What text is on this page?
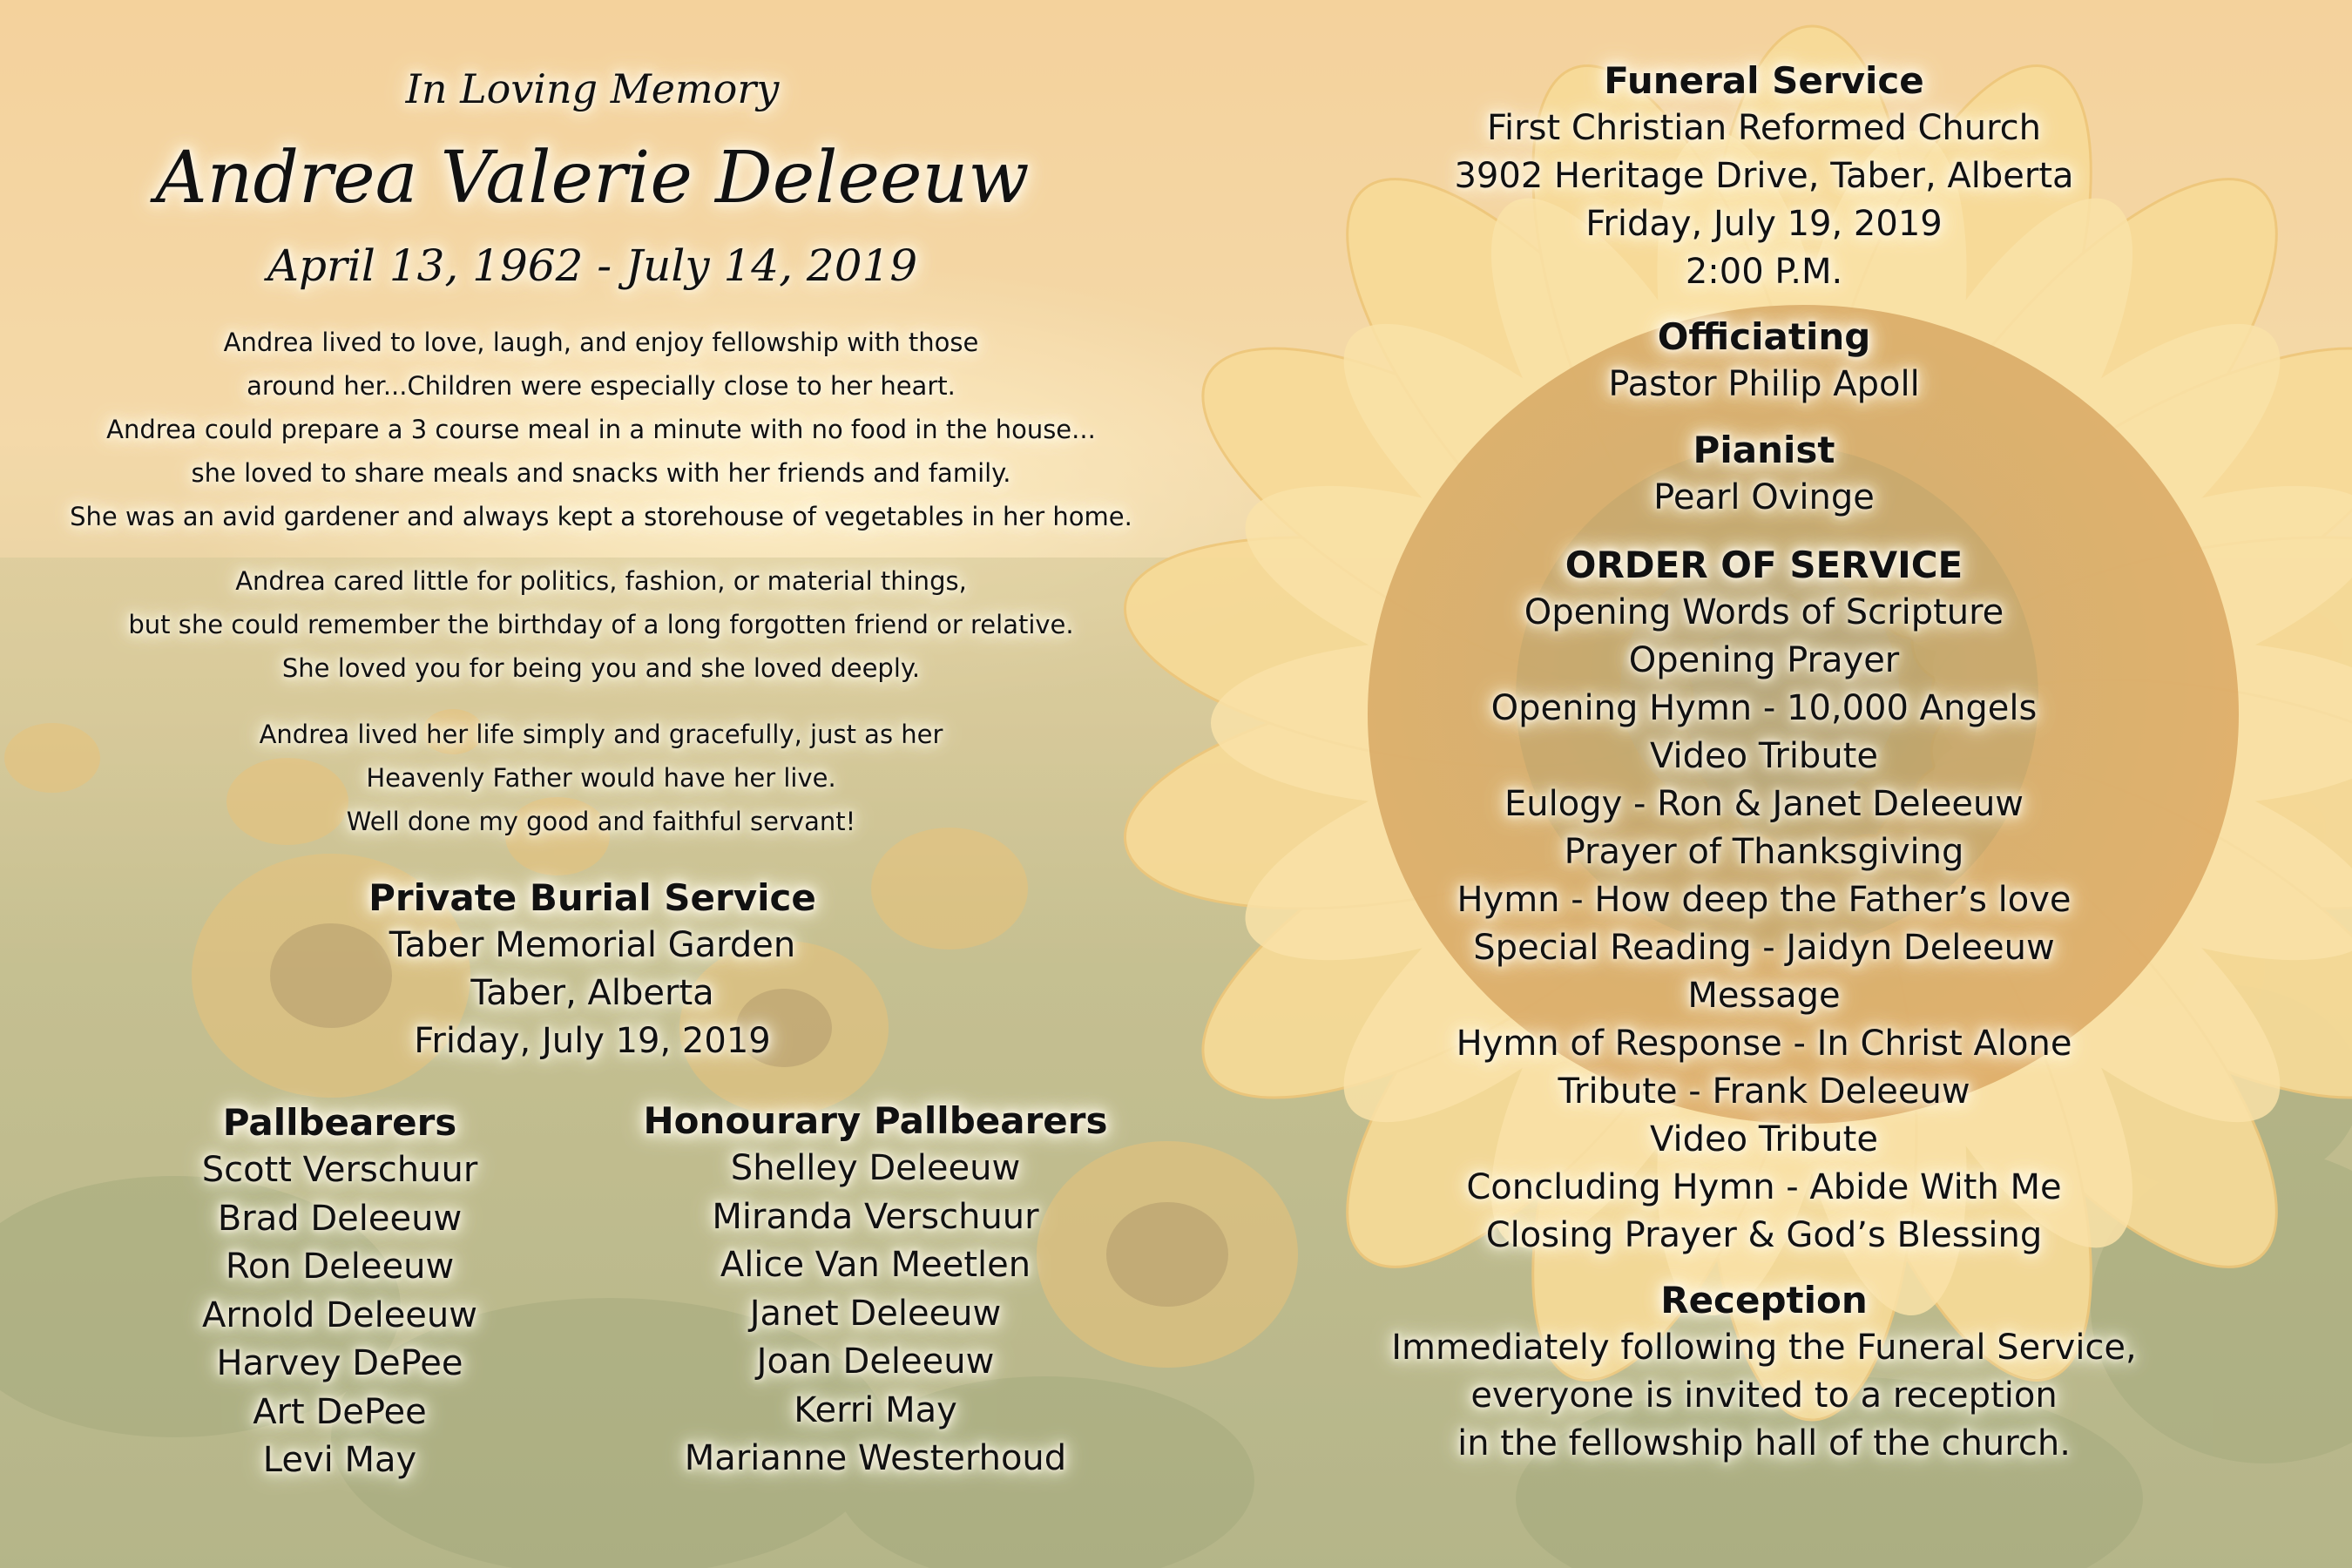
In Loving Memory
Andrea Valerie Deleeuw
April 13, 1962 - July 14, 2019
Andrea lived to love, laugh, and enjoy fellowship with those
around her...Children were especially close to her heart.
Andrea could prepare a 3 course meal in a minute with no food in the house...
she loved to share meals and snacks with her friends and family.
She was an avid gardener and always kept a storehouse of vegetables in her home.
Andrea cared little for politics, fashion, or material things,
but she could remember the birthday of a long forgotten friend or relative.
She loved you for being you and she loved deeply.
Andrea lived her life simply and gracefully, just as her
Heavenly Father would have her live.
Well done my good and faithful servant!
Private Burial Service
Taber Memorial Garden
Taber, Alberta
Friday, July 19, 2019
Pallbearers
Scott Verschuur
Brad Deleeuw
Ron Deleeuw
Arnold Deleeuw
Harvey DePee
Art DePee
Levi May
Honourary Pallbearers
Shelley Deleeuw
Miranda Verschuur
Alice Van Meetlen
Janet Deleeuw
Joan Deleeuw
Kerri May
Marianne Westerhoud
Funeral Service
First Christian Reformed Church
3902 Heritage Drive, Taber, Alberta
Friday, July 19, 2019
2:00 P.M.
Officiating
Pastor Philip Apoll
Pianist
Pearl Ovinge
ORDER OF SERVICE
Opening Words of Scripture
Opening Prayer
Opening Hymn - 10,000 Angels
Video Tribute
Eulogy - Ron & Janet Deleeuw
Prayer of Thanksgiving
Hymn - How deep the Father’s love
Special Reading - Jaidyn Deleeuw
Message
Hymn of Response - In Christ Alone
Tribute - Frank Deleeuw
Video Tribute
Concluding Hymn - Abide With Me
Closing Prayer & God’s Blessing
Reception
Immediately following the Funeral Service,
everyone is invited to a reception
in the fellowship hall of the church.
